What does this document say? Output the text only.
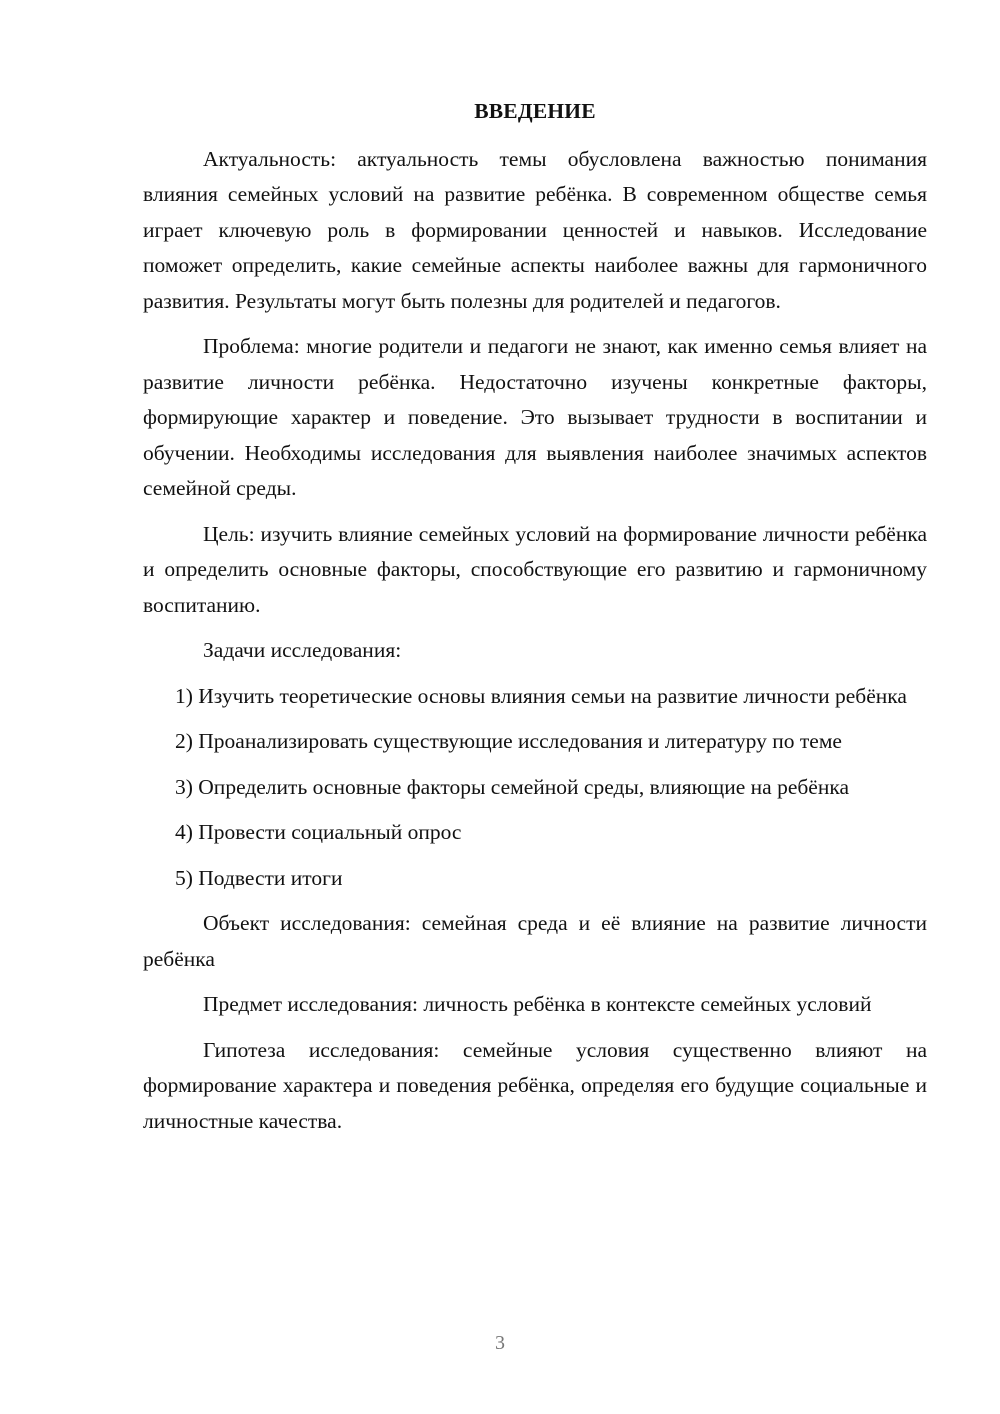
ВВЕДЕНИЕ

Актуальность: актуальность темы обусловлена важностью понимания влияния семейных условий на развитие ребёнка. В современном обществе семья играет ключевую роль в формировании ценностей и навыков. Исследование поможет определить, какие семейные аспекты наиболее важны для гармоничного развития. Результаты могут быть полезны для родителей и педагогов.

Проблема: многие родители и педагоги не знают, как именно семья влияет на развитие личности ребёнка. Недостаточно изучены конкретные факторы, формирующие характер и поведение. Это вызывает трудности в воспитании и обучении. Необходимы исследования для выявления наиболее значимых аспектов семейной среды.

Цель: изучить влияние семейных условий на формирование личности ребёнка и определить основные факторы, способствующие его развитию и гармоничному воспитанию.

Задачи исследования:

1) Изучить теоретические основы влияния семьи на развитие личности ребёнка

2) Проанализировать существующие исследования и литературу по теме

3) Определить основные факторы семейной среды, влияющие на ребёнка

4) Провести социальный опрос

5) Подвести итоги

Объект исследования: семейная среда и её влияние на развитие личности ребёнка

Предмет исследования: личность ребёнка в контексте семейных условий

Гипотеза исследования: семейные условия существенно влияют на формирование характера и поведения ребёнка, определяя его будущие социальные и личностные качества.

3
